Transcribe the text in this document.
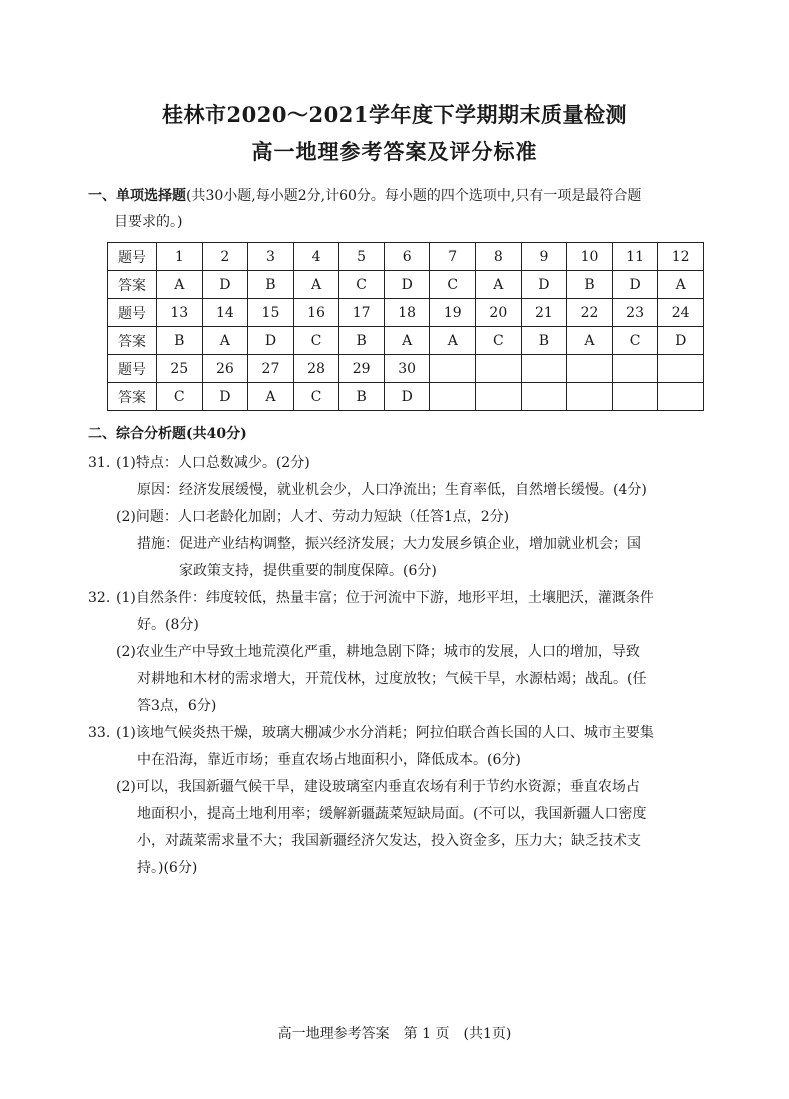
桂林市2020～2021学年度下学期期末质量检测
高一地理参考答案及评分标准
一、单项选择题(共30小题,每小题2分,计60分。每小题的四个选项中,只有一项是最符合题
目要求的。)
题号	1	2	3	4	5	6	7	8	9	10	11	12
答案	A	D	B	A	C	D	C	A	D	B	D	A
题号	13	14	15	16	17	18	19	20	21	22	23	24
答案	B	A	D	C	B	A	A	C	B	A	C	D
题号	25	26	27	28	29	30						
答案	C	D	A	C	B	D						
二、综合分析题(共40分)
31. (1)特点：人口总数减少。(2分)
原因：经济发展缓慢，就业机会少，人口净流出；生育率低，自然增长缓慢。(4分)
(2)问题：人口老龄化加剧；人才、劳动力短缺（任答1点，2分)
措施：促进产业结构调整，振兴经济发展；大力发展乡镇企业，增加就业机会；国
家政策支持，提供重要的制度保障。(6分)
32. (1)自然条件：纬度较低，热量丰富；位于河流中下游，地形平坦，土壤肥沃，灌溉条件
好。(8分)
(2)农业生产中导致土地荒漠化严重，耕地急剧下降；城市的发展，人口的增加，导致
对耕地和木材的需求增大，开荒伐林，过度放牧；气候干旱，水源枯竭；战乱。(任
答3点，6分)
33. (1)该地气候炎热干燥，玻璃大棚减少水分消耗；阿拉伯联合酋长国的人口、城市主要集
中在沿海，靠近市场；垂直农场占地面积小，降低成本。(6分)
(2)可以，我国新疆气候干旱，建设玻璃室内垂直农场有利于节约水资源；垂直农场占
地面积小，提高土地利用率；缓解新疆蔬菜短缺局面。(不可以，我国新疆人口密度
小，对蔬菜需求量不大；我国新疆经济欠发达，投入资金多，压力大；缺乏技术支
持。)(6分)
高一地理参考答案　第 1 页　(共1页)
